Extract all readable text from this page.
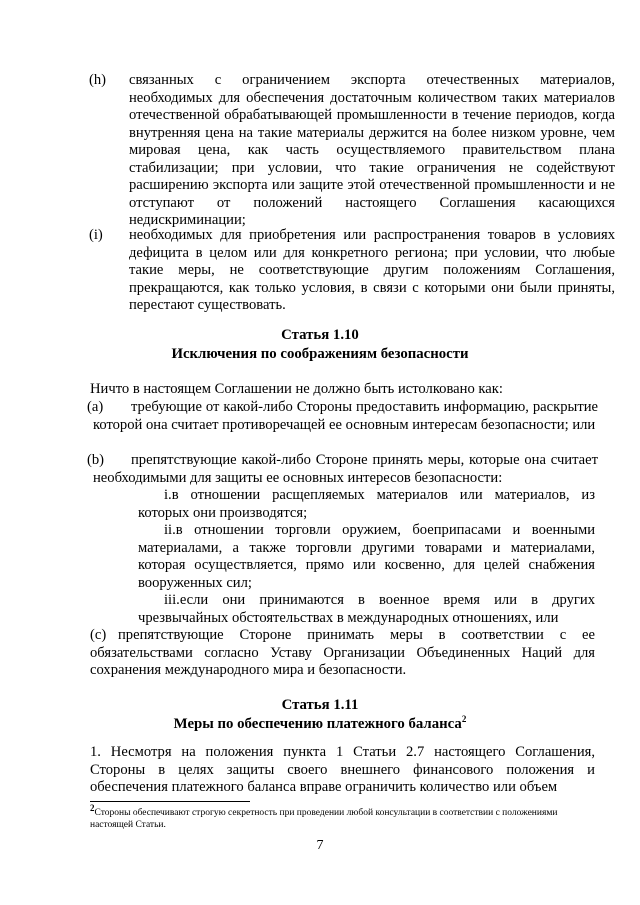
(h) связанных с ограничением экспорта отечественных материалов, необходимых для обеспечения достаточным количеством таких материалов отечественной обрабатывающей промышленности в течение периодов, когда внутренняя цена на такие материалы держится на более низком уровне, чем мировая цена, как часть осуществляемого правительством плана стабилизации; при условии, что такие ограничения не содействуют расширению экспорта или защите этой отечественной промышленности и не отступают от положений настоящего Соглашения касающихся недискриминации;

(i) необходимых для приобретения или распространения товаров в условиях дефицита в целом или для конкретного региона; при условии, что любые такие меры, не соответствующие другим положениям Соглашения, прекращаются, как только условия, в связи с которыми они были приняты, перестают существовать.

Статья 1.10

Исключения по соображениям безопасности

Ничто в настоящем Соглашении не должно быть истолковано как:

(a) требующие от какой-либо Стороны предоставить информацию, раскрытие которой она считает противоречащей ее основным интересам безопасности; или

(b) препятствующие какой-либо Стороне принять меры, которые она считает необходимыми для защиты ее основных интересов безопасности:

i.в отношении расщепляемых материалов или материалов, из которых они производятся;

ii.в отношении торговли оружием, боеприпасами и военными материалами, а также торговли другими товарами и материалами, которая осуществляется, прямо или косвенно, для целей снабжения вооруженных сил;

iii.если они принимаются в военное время или в других чрезвычайных обстоятельствах в международных отношениях, или

(с) препятствующие Стороне принимать меры в соответствии с ее обязательствами согласно Уставу Организации Объединенных Наций для сохранения международного мира и безопасности.

Статья 1.11

Меры по обеспечению платежного баланса$^2$

1. Несмотря на положения пункта 1 Статьи 2.7 настоящего Соглашения, Стороны в целях защиты своего внешнего финансового положения и обеспечения платежного баланса вправе ограничить количество или объем

2Стороны обеспечивают строгую секретность при проведении любой консультации в соответствии с положениями настоящей Статьи.

7
